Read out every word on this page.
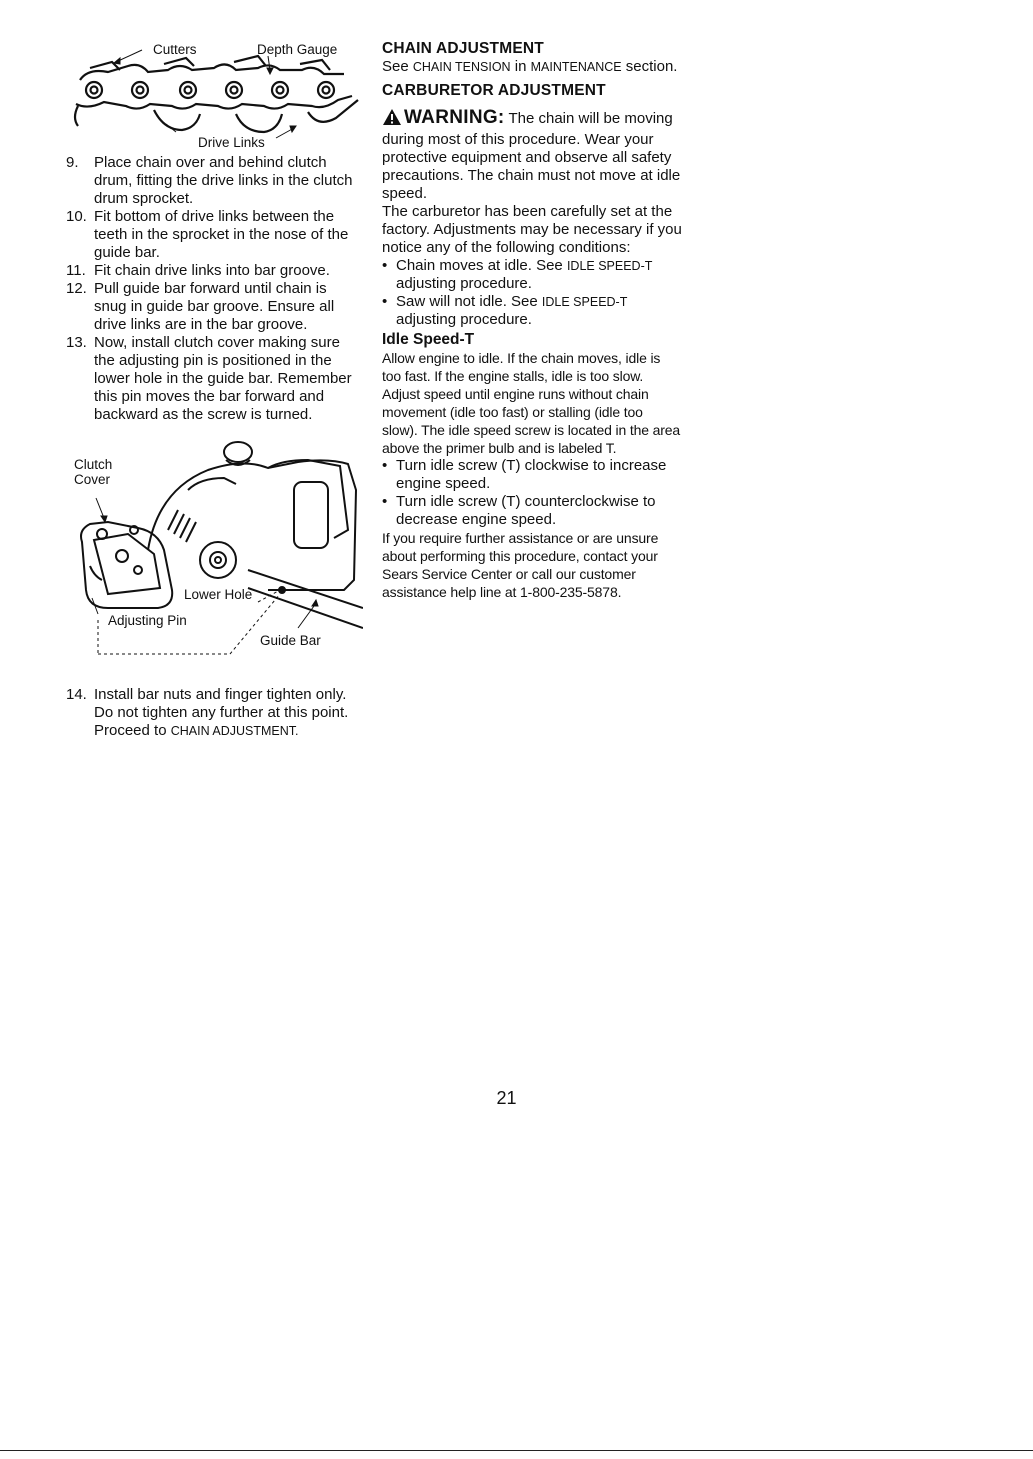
Cutters	Depth Gauge
Drive Links
9.	Place chain over and behind clutch drum, fitting the drive links in the clutch drum sprocket.
10. Fit bottom of drive links between the teeth in the sprocket in the nose of the guide bar.
11. Fit chain drive links into bar groove.
12. Pull guide bar forward until chain is snug in guide bar groove. Ensure all drive links are in the bar groove.
13. Now, install clutch cover making sure the adjusting pin is positioned in the lower hole in the guide bar. Remember this pin moves the bar forward and backward as the screw is turned.
Clutch
Cover
Lower Hole
Adjusting Pin
Guide Bar
14. Install bar nuts and finger tighten only. Do not tighten any further at this point. Proceed to CHAIN ADJUSTMENT.
CHAIN ADJUSTMENT

See CHAIN TENSION in MAINTENANCE section.

CARBURETOR ADJUSTMENT
WARNING: The chain will be moving during most of this procedure. Wear your protective equipment and observe all safety precautions. The chain must not move at idle speed.

The carburetor has been carefully set at the factory. Adjustments may be necessary if you notice any of the following conditions:

• Chain moves at idle. See IDLE SPEED-T adjusting procedure.
• Saw will not idle. See IDLE SPEED-T adjusting procedure.
Idle Speed-T

Allow engine to idle. If the chain moves, idle is too fast. If the engine stalls, idle is too slow. Adjust speed until engine runs without chain movement (idle too fast) or stalling (idle too slow). The idle speed screw is located in the area above the primer bulb and is labeled T.

• Turn idle screw (T) clockwise to increase engine speed.
• Turn idle screw (T) counterclockwise to decrease engine speed.

If you require further assistance or are unsure about performing this procedure, contact your Sears Service Center or call our customer assistance help line at 1-800-235-5878.

21
